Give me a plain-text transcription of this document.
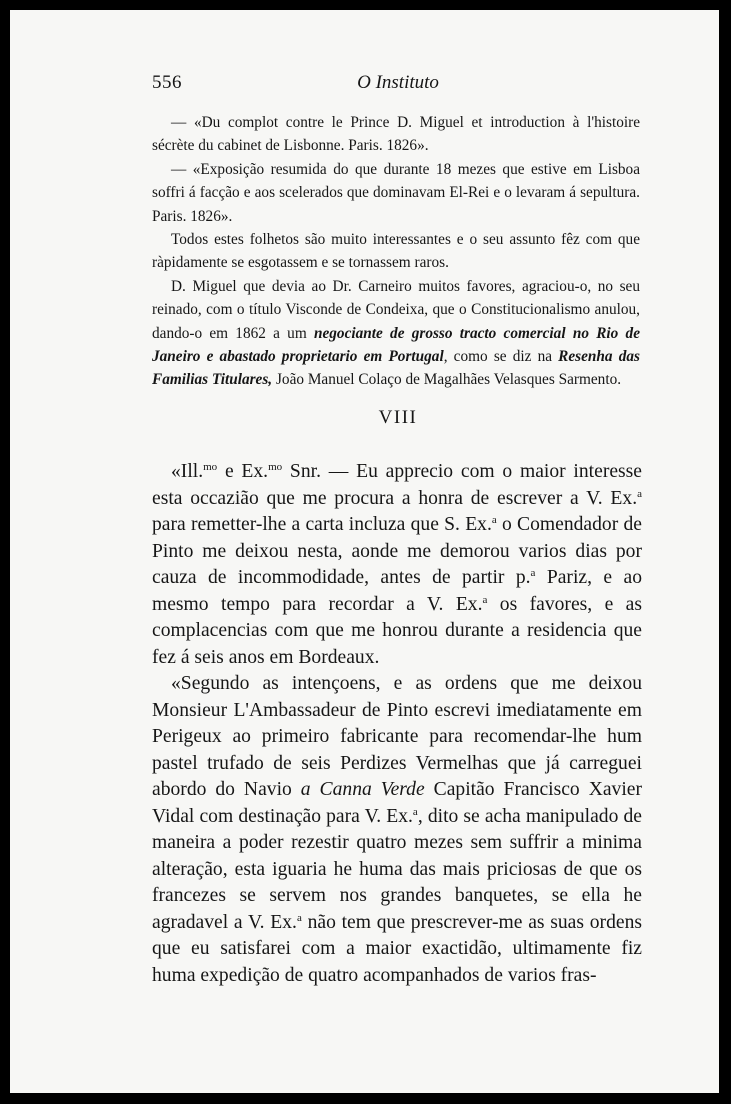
556	O Instituto

— «Du complot contre le Prince D. Miguel et introduction à l'histoire sécrète du cabinet de Lisbonne. Paris. 1826».

— «Exposição resumida do que durante 18 mezes que estive em Lisboa soffri á facção e aos scelerados que dominavam El-Rei e o levaram á sepultura. Paris. 1826».

Todos estes folhetos são muito interessantes e o seu assunto fêz com que ràpidamente se esgotassem e se tornassem raros.

D. Miguel que devia ao Dr. Carneiro muitos favores, agraciou-o, no seu reinado, com o título Visconde de Condeixa, que o Constitucionalismo anulou, dando-o em 1862 a um negociante de grosso tracto comercial no Rio de Janeiro e abastado proprietario em Portugal, como se diz na Resenha das Familias Titulares, João Manuel Colaço de Magalhães Velasques Sarmento.

VIII

«Ill.$^{mo}$ e Ex.$^{mo}$ Snr. — Eu apprecio com o maior interesse esta occazião que me procura a honra de escrever a V. Ex.$^a$ para remetter-lhe a carta incluza que S. Ex.$^a$ o Comendador de Pinto me deixou nesta, aonde me demorou varios dias por cauza de incommodidade, antes de partir p.$^a$ Pariz, e ao mesmo tempo para recordar a V. Ex.$^a$ os favores, e as complacencias com que me honrou durante a residencia que fez á seis anos em Bordeaux.

«Segundo as intençoens, e as ordens que me deixou Monsieur L'Ambassadeur de Pinto escrevi imediatamente em Perigeux ao primeiro fabricante para recomendar-lhe hum pastel trufado de seis Perdizes Vermelhas que já carreguei abordo do Navio a Canna Verde Capitão Francisco Xavier Vidal com destinação para V. Ex.$^a$, dito se acha manipulado de maneira a poder rezestir quatro mezes sem suffrir a minima alteração, esta iguaria he huma das mais priciosas de que os francezes se servem nos grandes banquetes, se ella he agradavel a V. Ex.$^a$ não tem que prescrever-me as suas ordens que eu satisfarei com a maior exactidão, ultimamente fiz huma expedição de quatro acompanhados de varios fras-
